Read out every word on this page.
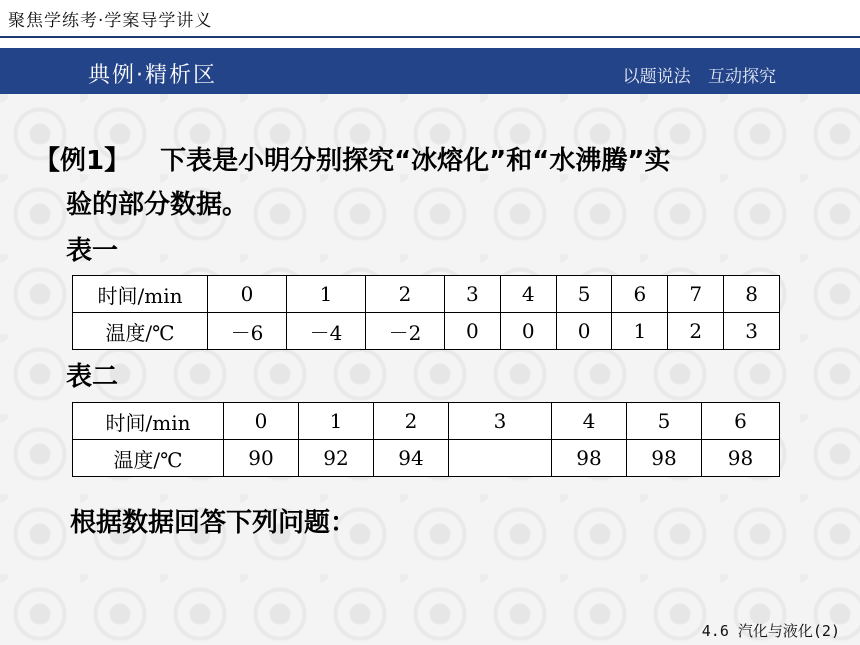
聚焦学练考·学案导学讲义
典例·精析区	以题说法 互动探究
【例1】 下表是小明分别探究“冰熔化”和“水沸腾”实
验的部分数据。
表一
时间/min	0	1	2	3	4	5	6	7	8
温度/℃	－6	－4	－2	0	0	0	1	2	3
表二
时间/min	0	1	2	3	4	5	6
温度/℃	90	92	94		98	98	98
根据数据回答下列问题：
4.6 汽化与液化(2)
